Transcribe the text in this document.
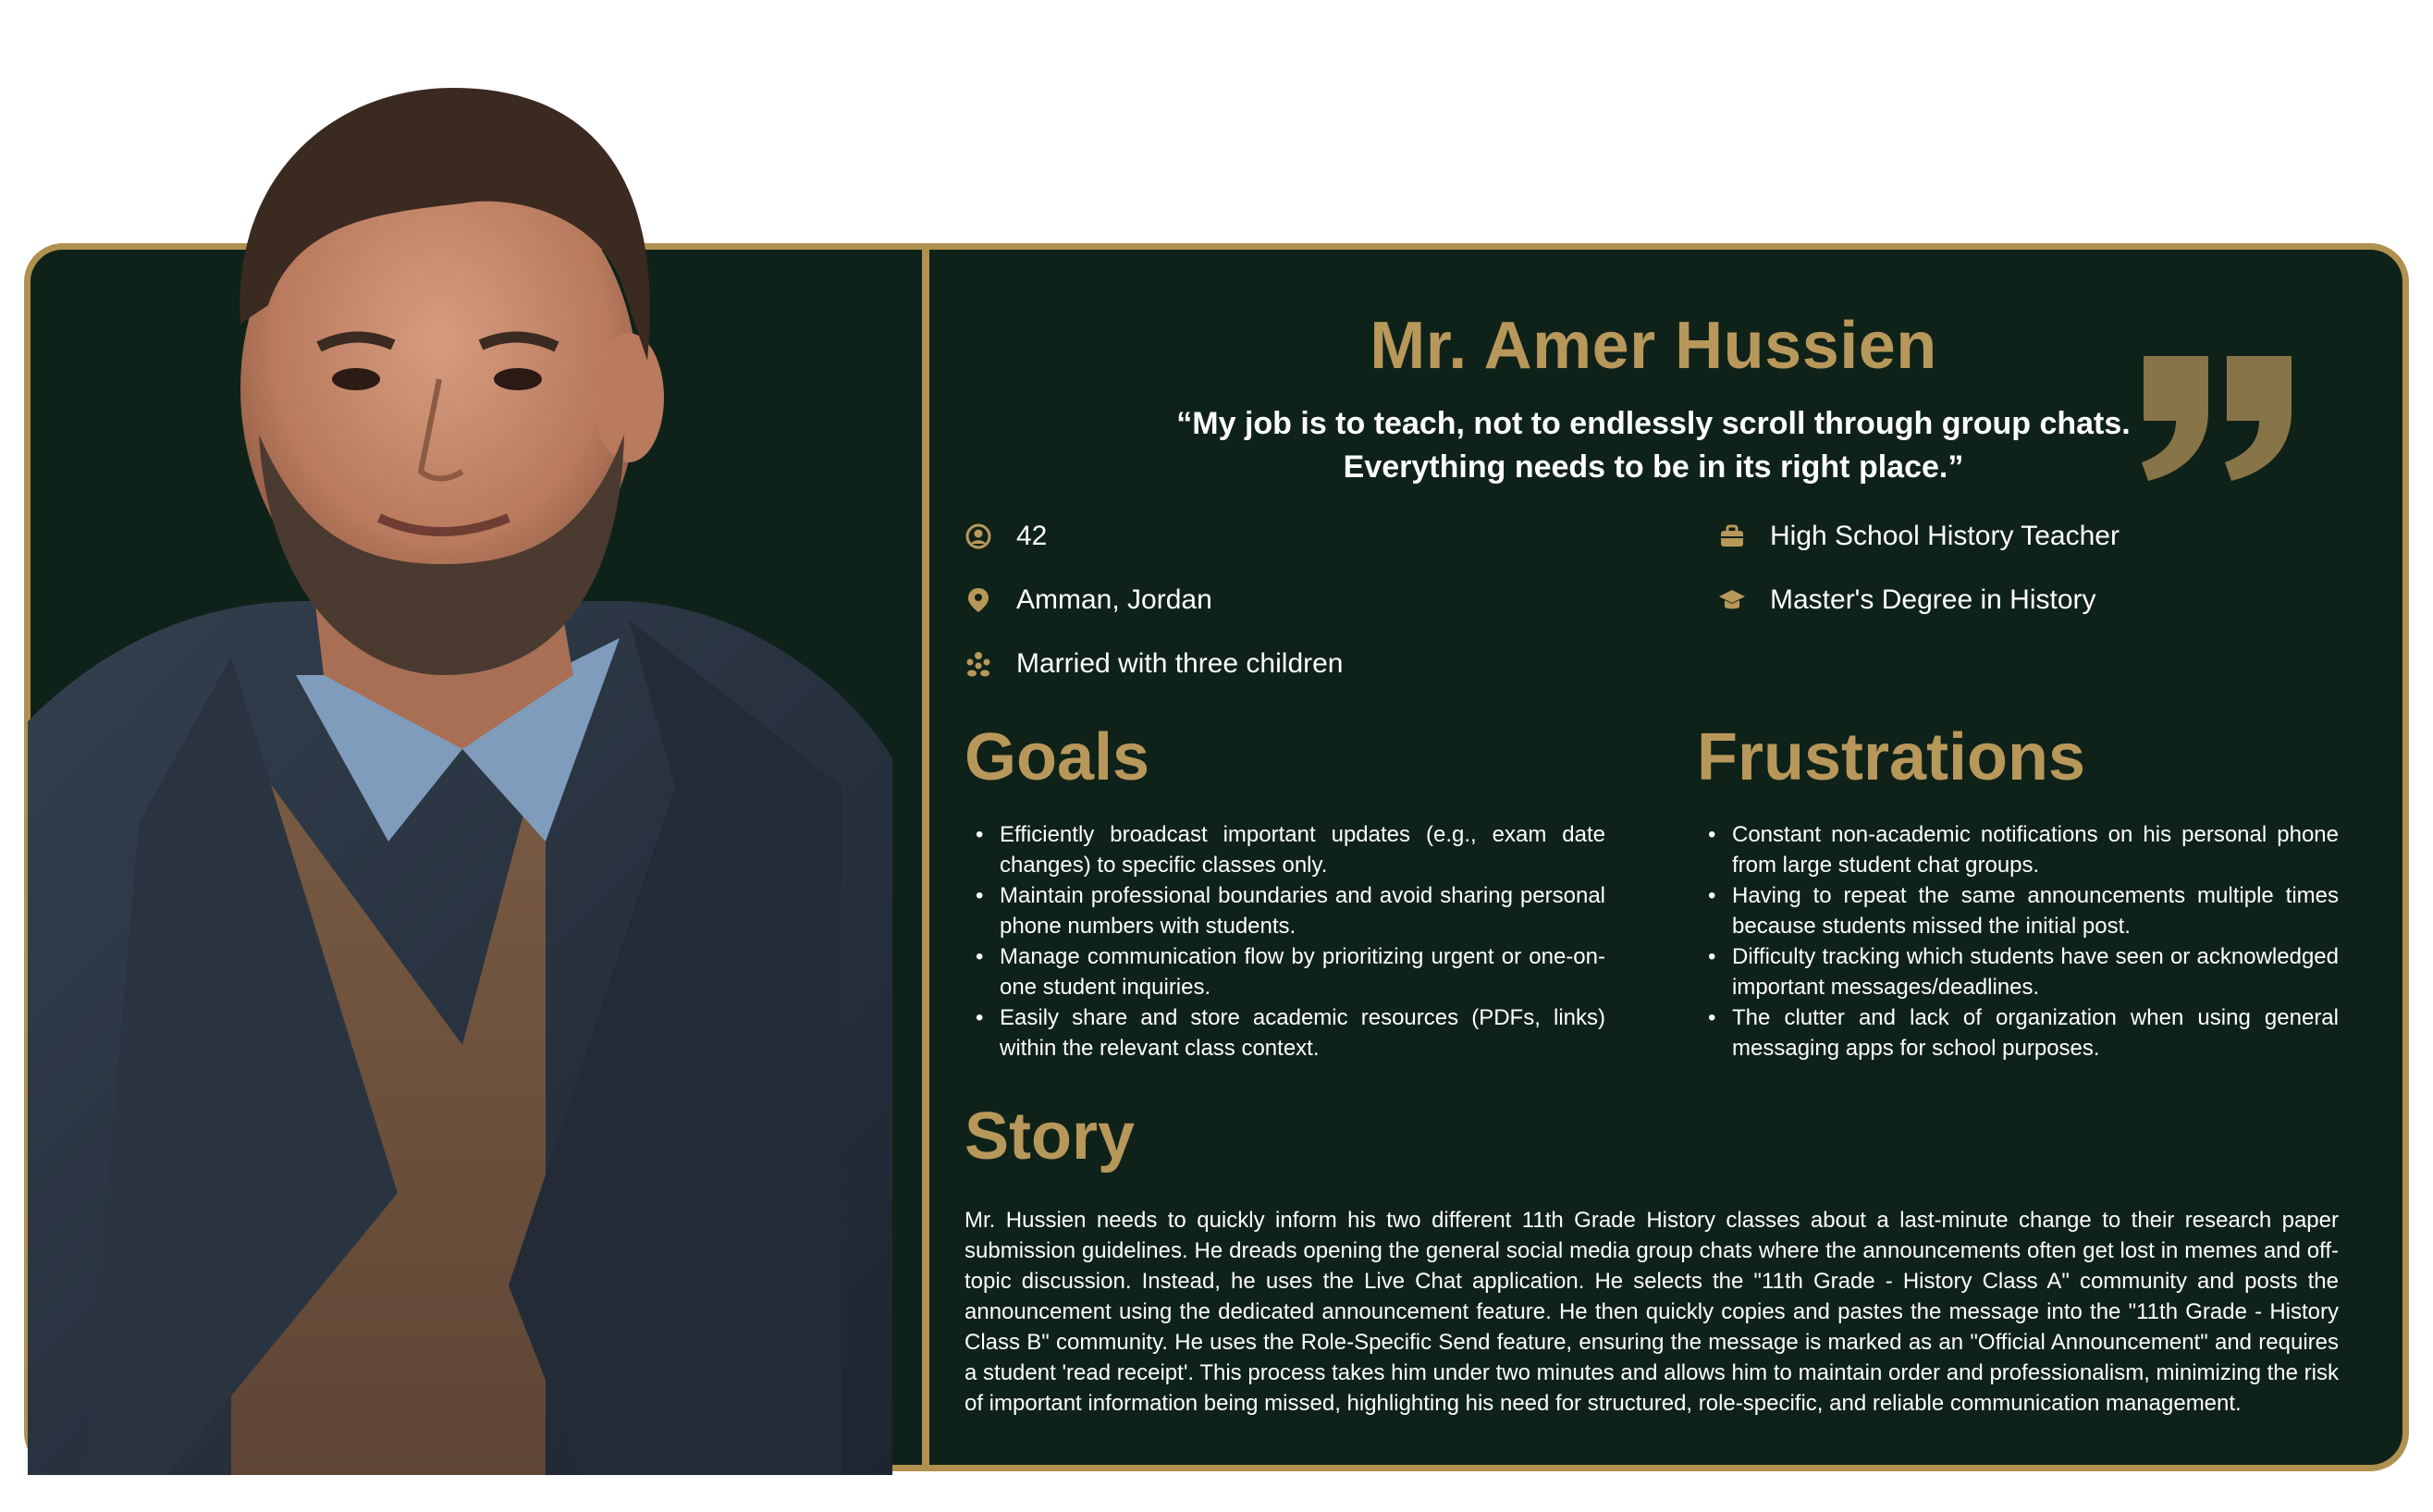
Mr. Amer Hussien
“My job is to teach, not to endlessly scroll through group chats.
Everything needs to be in its right place.”
42
Amman, Jordan
Married with three children
High School History Teacher
Master's Degree in History
Goals
• Efficiently broadcast important updates (e.g., exam date changes) to specific classes only.
• Maintain professional boundaries and avoid sharing personal phone numbers with students.
• Manage communication flow by prioritizing urgent or one-on-one student inquiries.
• Easily share and store academic resources (PDFs, links) within the relevant class context.
Frustrations
• Constant non-academic notifications on his personal phone from large student chat groups.
• Having to repeat the same announcements multiple times because students missed the initial post.
• Difficulty tracking which students have seen or acknowledged important messages/deadlines.
• The clutter and lack of organization when using general messaging apps for school purposes.
Story

Mr. Hussien needs to quickly inform his two different 11th Grade History classes about a last-minute change to their research paper submission guidelines. He dreads opening the general social media group chats where the announcements often get lost in memes and off-topic discussion. Instead, he uses the Live Chat application. He selects the "11th Grade - History Class A" community and posts the announcement using the dedicated announcement feature. He then quickly copies and pastes the message into the "11th Grade - History Class B" community. He uses the Role-Specific Send feature, ensuring the message is marked as an "Official Announcement" and requires a student 'read receipt'. This process takes him under two minutes and allows him to maintain order and professionalism, minimizing the risk of important information being missed, highlighting his need for structured, role-specific, and reliable communication management.
